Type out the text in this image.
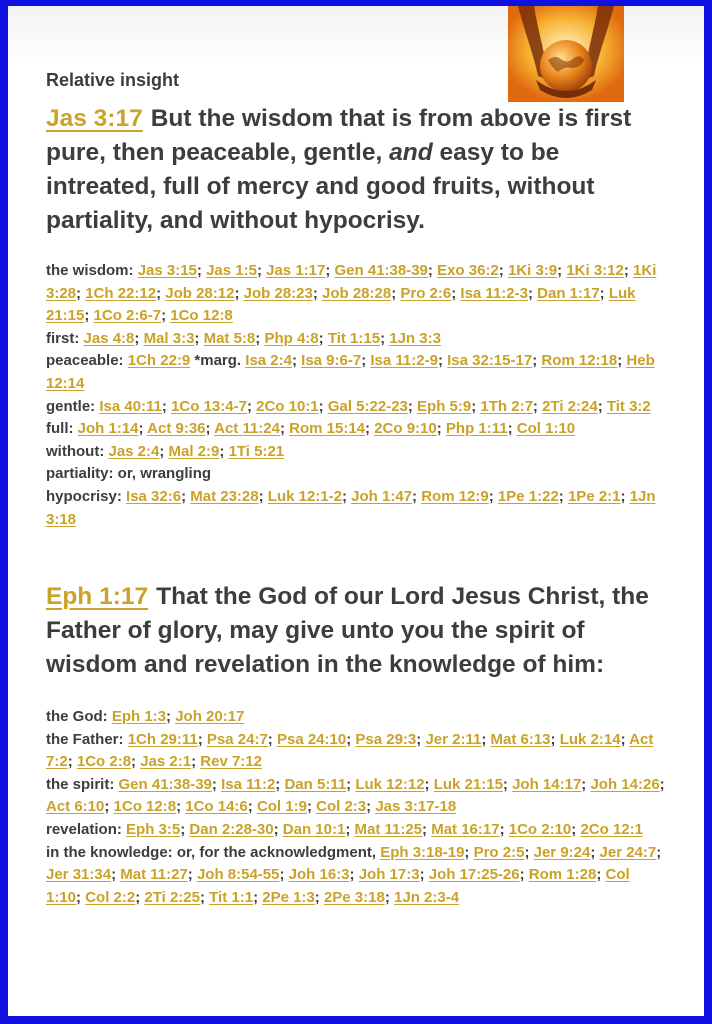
Relative insight
Jas 3:17 But the wisdom that is from above is first pure, then peaceable, gentle, and easy to be intreated, full of mercy and good fruits, without partiality, and without hypocrisy.
the wisdom: Jas 3:15; Jas 1:5; Jas 1:17; Gen 41:38-39; Exo 36:2; 1Ki 3:9; 1Ki 3:12; 1Ki 3:28; 1Ch 22:12; Job 28:12; Job 28:23; Job 28:28; Pro 2:6; Isa 11:2-3; Dan 1:17; Luk 21:15; 1Co 2:6-7; 1Co 12:8
first: Jas 4:8; Mal 3:3; Mat 5:8; Php 4:8; Tit 1:15; 1Jn 3:3
peaceable: 1Ch 22:9 *marg. Isa 2:4; Isa 9:6-7; Isa 11:2-9; Isa 32:15-17; Rom 12:18; Heb 12:14
gentle: Isa 40:11; 1Co 13:4-7; 2Co 10:1; Gal 5:22-23; Eph 5:9; 1Th 2:7; 2Ti 2:24; Tit 3:2
full: Joh 1:14; Act 9:36; Act 11:24; Rom 15:14; 2Co 9:10; Php 1:11; Col 1:10
without: Jas 2:4; Mal 2:9; 1Ti 5:21
partiality: or, wrangling
hypocrisy: Isa 32:6; Mat 23:28; Luk 12:1-2; Joh 1:47; Rom 12:9; 1Pe 1:22; 1Pe 2:1; 1Jn 3:18
Eph 1:17 That the God of our Lord Jesus Christ, the Father of glory, may give unto you the spirit of wisdom and revelation in the knowledge of him:
the God: Eph 1:3; Joh 20:17
the Father: 1Ch 29:11; Psa 24:7; Psa 24:10; Psa 29:3; Jer 2:11; Mat 6:13; Luk 2:14; Act 7:2; 1Co 2:8; Jas 2:1; Rev 7:12
the spirit: Gen 41:38-39; Isa 11:2; Dan 5:11; Luk 12:12; Luk 21:15; Joh 14:17; Joh 14:26; Act 6:10; 1Co 12:8; 1Co 14:6; Col 1:9; Col 2:3; Jas 3:17-18
revelation: Eph 3:5; Dan 2:28-30; Dan 10:1; Mat 11:25; Mat 16:17; 1Co 2:10; 2Co 12:1
in the knowledge: or, for the acknowledgment, Eph 3:18-19; Pro 2:5; Jer 9:24; Jer 24:7; Jer 31:34; Mat 11:27; Joh 8:54-55; Joh 16:3; Joh 17:3; Joh 17:25-26; Rom 1:28; Col 1:10; Col 2:2; 2Ti 2:25; Tit 1:1; 2Pe 1:3; 2Pe 3:18; 1Jn 2:3-4
